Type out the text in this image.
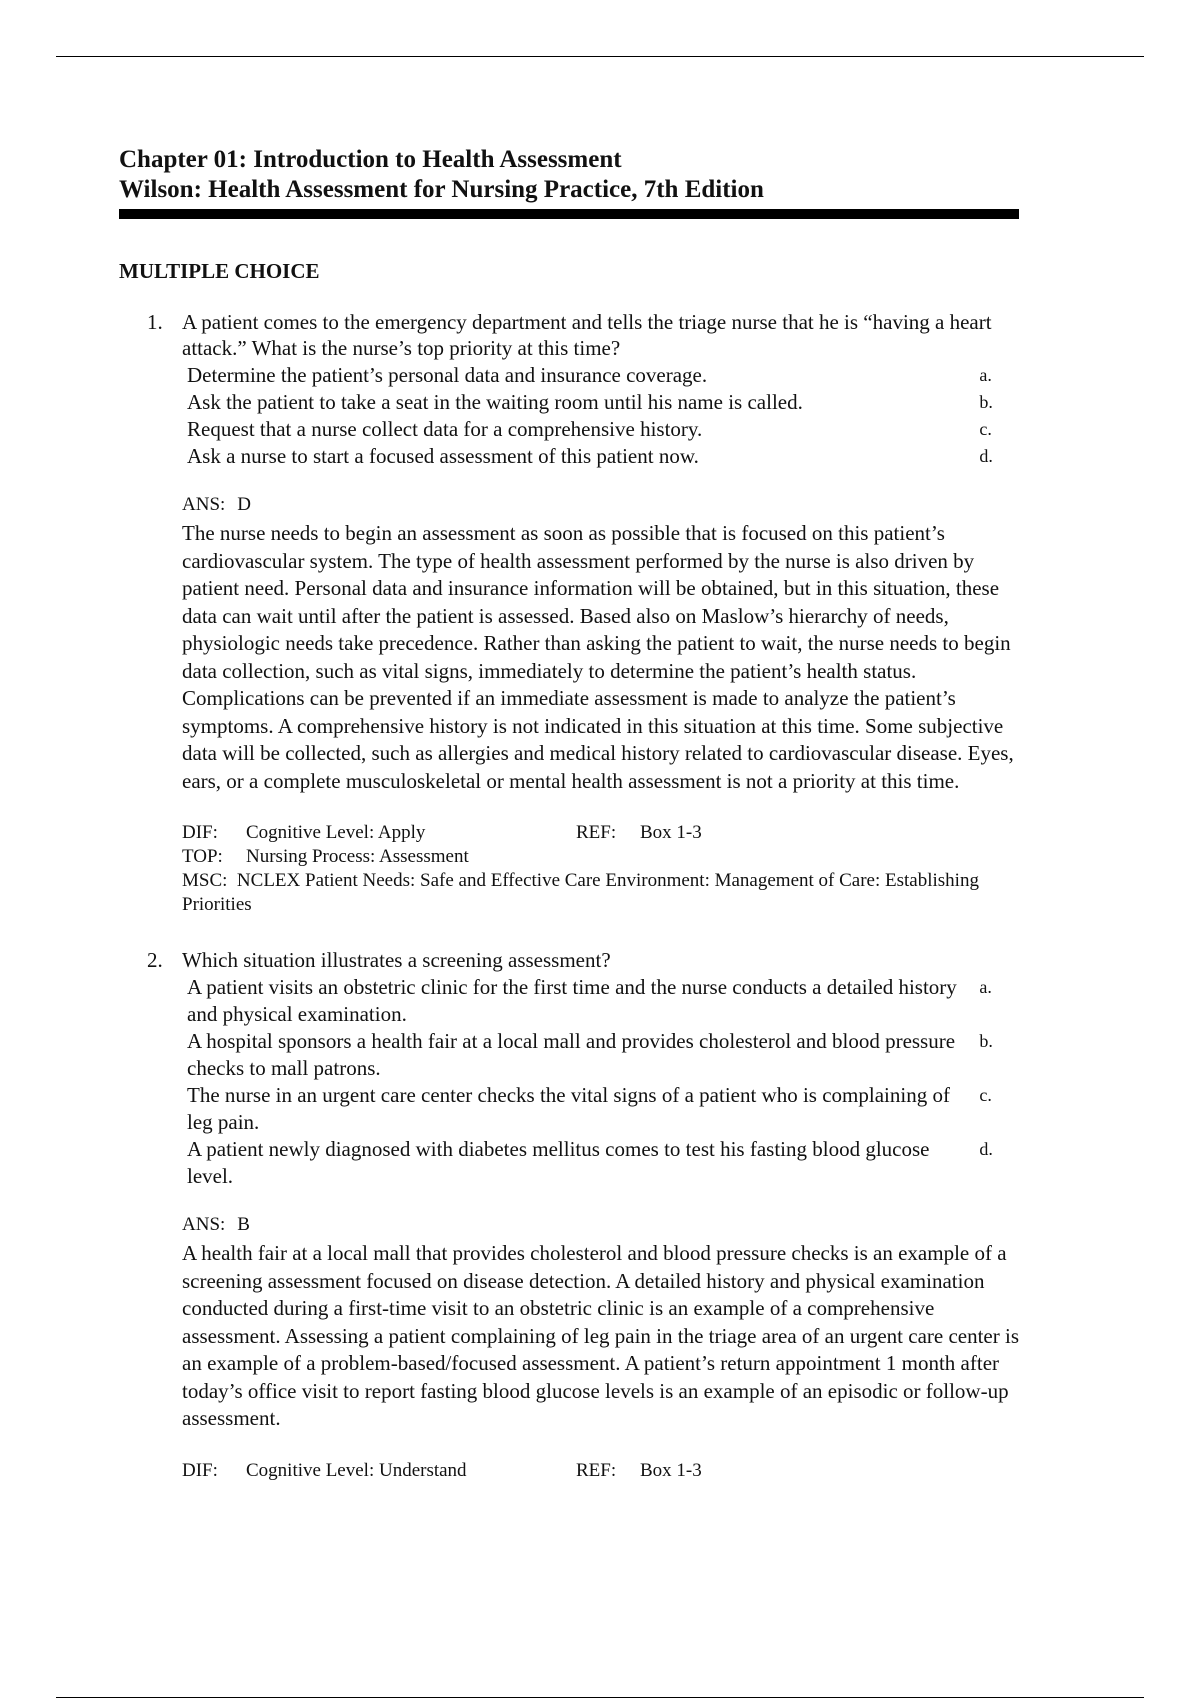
Chapter 01: Introduction to Health Assessment

Wilson: Health Assessment for Nursing Practice, 7th Edition

MULTIPLE CHOICE
1. A patient comes to the emergency department and tells the triage nurse that he is “having a heart attack.” What is the nurse’s top priority at this time?

Determine the patient’s personal data and insurance coverage.	a.
Ask the patient to take a seat in the waiting room until his name is called.	b.
Request that a nurse collect data for a comprehensive history.	c.
Ask a nurse to start a focused assessment of this patient now.	d.
ANS: D

The nurse needs to begin an assessment as soon as possible that is focused on this patient’s cardiovascular system. The type of health assessment performed by the nurse is also driven by patient need. Personal data and insurance information will be obtained, but in this situation, these data can wait until after the patient is assessed. Based also on Maslow’s hierarchy of needs, physiologic needs take precedence. Rather than asking the patient to wait, the nurse needs to begin data collection, such as vital signs, immediately to determine the patient’s health status. Complications can be prevented if an immediate assessment is made to analyze the patient’s symptoms. A comprehensive history is not indicated in this situation at this time. Some subjective data will be collected, such as allergies and medical history related to cardiovascular disease. Eyes, ears, or a complete musculoskeletal or mental health assessment is not a priority at this time.

DIF:	Cognitive Level: Apply	REF:	Box 1-3
TOP:	Nursing Process: Assessment
MSC: NCLEX Patient Needs: Safe and Effective Care Environment: Management of Care: Establishing Priorities
2. Which situation illustrates a screening assessment?

A patient visits an obstetric clinic for the first time and the nurse conducts a detailed history and physical examination.
a.
A hospital sponsors a health fair at a local mall and provides cholesterol and blood pressure checks to mall patrons.
b.
The nurse in an urgent care center checks the vital signs of a patient who is complaining of leg pain.
c.
A patient newly diagnosed with diabetes mellitus comes to test his fasting blood glucose level.
d.
ANS: B

A health fair at a local mall that provides cholesterol and blood pressure checks is an example of a screening assessment focused on disease detection. A detailed history and physical examination conducted during a first-time visit to an obstetric clinic is an example of a comprehensive assessment. Assessing a patient complaining of leg pain in the triage area of an urgent care center is an example of a problem-based/focused assessment. A patient’s return appointment 1 month after today’s office visit to report fasting blood glucose levels is an example of an episodic or follow-up assessment.

DIF:	Cognitive Level: Understand	REF:	Box 1-3
